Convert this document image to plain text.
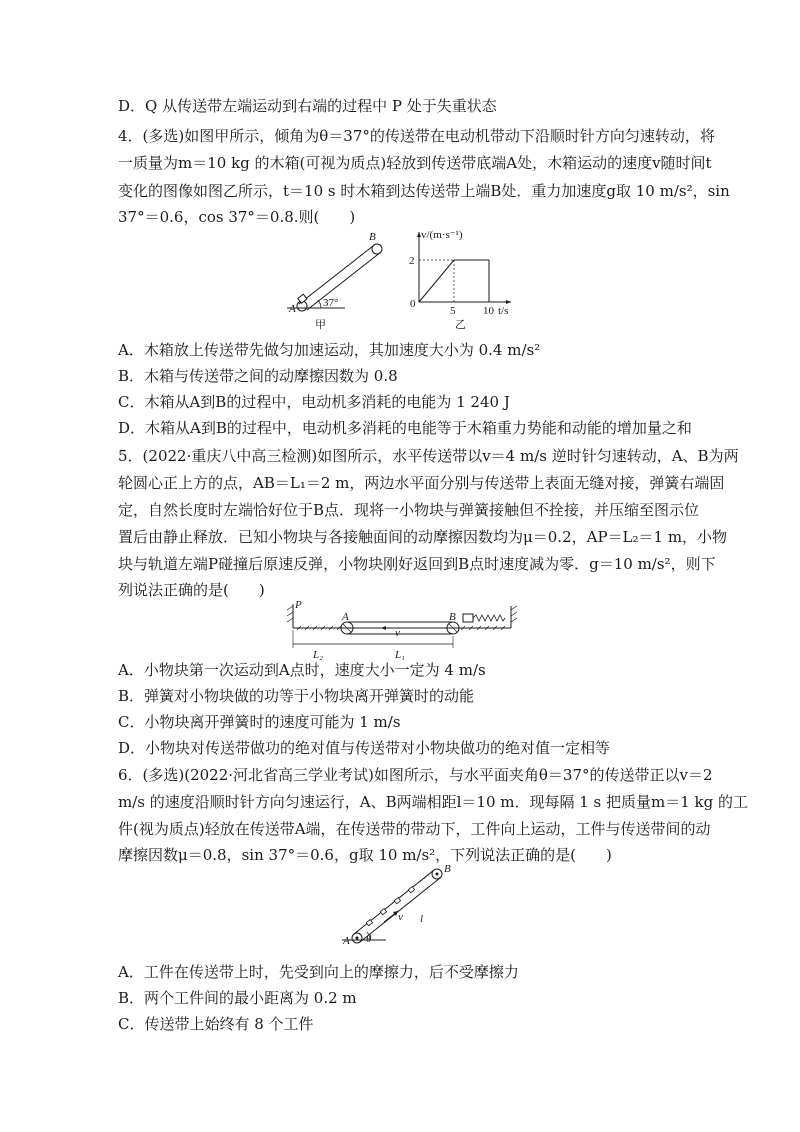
D．Q 从传送带左端运动到右端的过程中 P 处于失重状态
4．(多选)如图甲所示，倾角为θ＝37°的传送带在电动机带动下沿顺时针方向匀速转动，将
一质量为m＝10 kg 的木箱(可视为质点)轻放到传送带底端A处，木箱运动的速度v随时间t
变化的图像如图乙所示，t＝10 s 时木箱到达传送带上端B处．重力加速度g取 10 m/s²，sin
37°＝0.6，cos 37°＝0.8.则(　　)
A
B
37°
甲
v/(m·s⁻¹)
2
0
5	10 t/s
乙
A．木箱放上传送带先做匀加速运动，其加速度大小为 0.4 m/s²
B．木箱与传送带之间的动摩擦因数为 0.8
C．木箱从A到B的过程中，电动机多消耗的电能为 1 240 J
D．木箱从A到B的过程中，电动机多消耗的电能等于木箱重力势能和动能的增加量之和
5．(2022·重庆八中高三检测)如图所示，水平传送带以v＝4 m/s 逆时针匀速转动，A、B为两
轮圆心正上方的点，AB＝L₁＝2 m，两边水平面分别与传送带上表面无缝对接，弹簧右端固
定，自然长度时左端恰好位于B点．现将一小物块与弹簧接触但不拴接，并压缩至图示位
置后由静止释放．已知小物块与各接触面间的动摩擦因数均为μ＝0.2，AP＝L₂＝1 m，小物
块与轨道左端P碰撞后原速反弹，小物块刚好返回到B点时速度减为零．g＝10 m/s²，则下
列说法正确的是(　　)
P
A	B
v
L₂	L₁
A．小物块第一次运动到A点时，速度大小一定为 4 m/s
B．弹簧对小物块做的功等于小物块离开弹簧时的动能
C．小物块离开弹簧时的速度可能为 1 m/s
D．小物块对传送带做功的绝对值与传送带对小物块做功的绝对值一定相等
6．(多选)(2022·河北省高三学业考试)如图所示，与水平面夹角θ＝37°的传送带正以v＝2
m/s 的速度沿顺时针方向匀速运行，A、B两端相距l＝10 m．现每隔 1 s 把质量m＝1 kg 的工
件(视为质点)轻放在传送带A端，在传送带的带动下，工件向上运动，工件与传送带间的动
摩擦因数μ＝0.8，sin 37°＝0.6，g取 10 m/s²，下列说法正确的是(　　)
A
B
v l
θ
A．工件在传送带上时，先受到向上的摩擦力，后不受摩擦力
B．两个工件间的最小距离为 0.2 m
C．传送带上始终有 8 个工件
